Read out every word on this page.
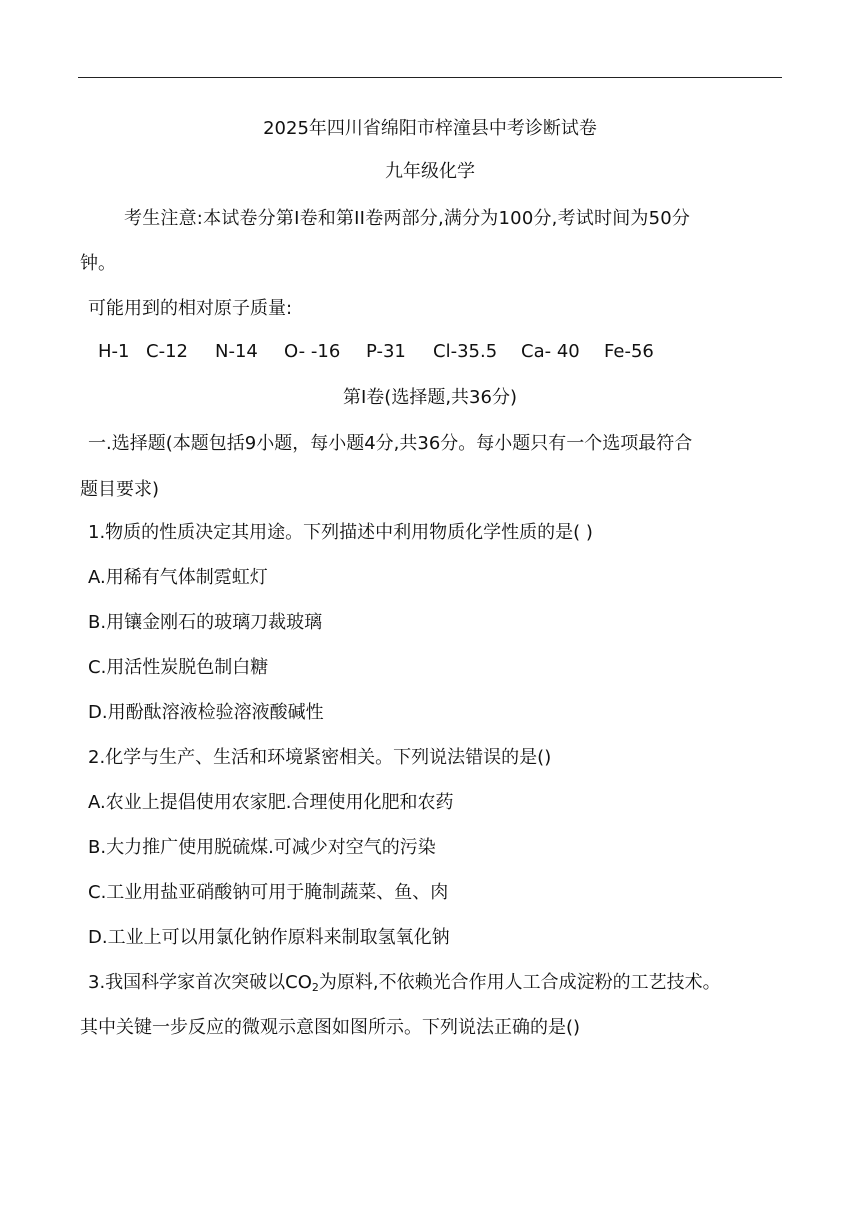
2025年四川省绵阳市梓潼县中考诊断试卷
九年级化学
考生注意:本试卷分第I卷和第II卷两部分,满分为100分,考试时间为50分
钟。
可能用到的相对原子质量:
H-1 C-12 N-14 O- -16 P-31 Cl-35.5 Ca- 40 Fe-56
第I卷(选择题,共36分)
一.选择题(本题包括9小题，每小题4分,共36分。每小题只有一个选项最符合
题目要求)
1.物质的性质决定其用途。下列描述中利用物质化学性质的是( )
A.用稀有气体制霓虹灯
B.用镶金刚石的玻璃刀裁玻璃
C.用活性炭脱色制白糖
D.用酚酞溶液检验溶液酸碱性
2.化学与生产、生活和环境紧密相关。下列说法错误的是()
A.农业上提倡使用农家肥.合理使用化肥和农药
B.大力推广使用脱硫煤.可减少对空气的污染
C.工业用盐亚硝酸钠可用于腌制蔬菜、鱼、肉
D.工业上可以用氯化钠作原料来制取氢氧化钠
3.我国科学家首次突破以$CO_2$为原料,不依赖光合作用人工合成淀粉的工艺技术。
其中关键一步反应的微观示意图如图所示。下列说法正确的是()
